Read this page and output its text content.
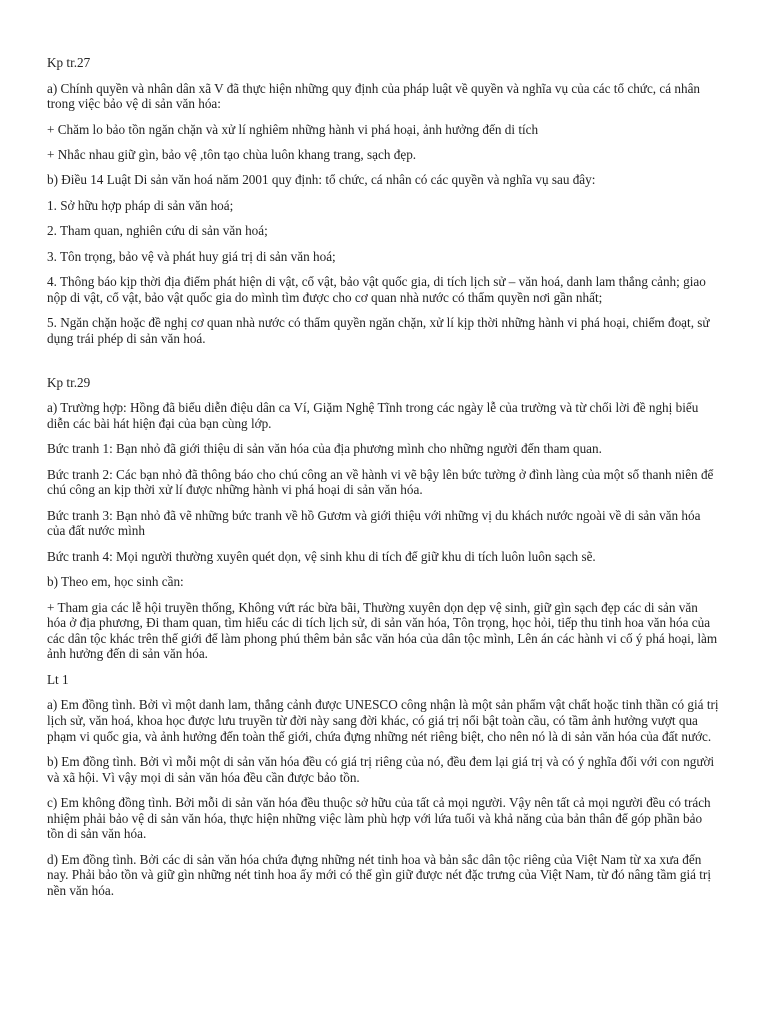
Kp tr.27

a) Chính quyền và nhân dân xã V đã thực hiện những quy định của pháp luật về quyền và nghĩa vụ của các tổ chức, cá nhân trong việc bảo vệ di sản văn hóa:

+ Chăm lo bảo tồn ngăn chặn và xử lí nghiêm những hành vi phá hoại, ảnh hưởng đến di tích

+ Nhắc nhau giữ gìn, bảo vệ ,tôn tạo chùa luôn khang trang, sạch đẹp.

b) Điều 14 Luật Di sản văn hoá năm 2001 quy định: tổ chức, cá nhân có các quyền và nghĩa vụ sau đây:

1. Sở hữu hợp pháp di sản văn hoá;

2. Tham quan, nghiên cứu di sản văn hoá;

3. Tôn trọng, bảo vệ và phát huy giá trị di sản văn hoá;

4. Thông báo kịp thời địa điểm phát hiện di vật, cổ vật, bảo vật quốc gia, di tích lịch sử – văn hoá, danh lam thắng cảnh; giao nộp di vật, cổ vật, bảo vật quốc gia do mình tìm được cho cơ quan nhà nước có thẩm quyền nơi gần nhất;

5. Ngăn chặn hoặc đề nghị cơ quan nhà nước có thẩm quyền ngăn chặn, xử lí kịp thời những hành vi phá hoại, chiếm đoạt, sử dụng trái phép di sản văn hoá.

Kp tr.29

a) Trường hợp: Hồng đã biểu diễn điệu dân ca Ví, Giặm Nghệ Tĩnh trong các ngày lễ của trường và từ chối lời đề nghị biểu diễn các bài hát hiện đại của bạn cùng lớp.

Bức tranh 1: Bạn nhỏ đã giới thiệu di sản văn hóa của địa phương mình cho những người đến tham quan.

Bức tranh 2: Các bạn nhỏ đã thông báo cho chú công an về hành vi vẽ bậy lên bức tường ở đình làng của một số thanh niên để chú công an kịp thời xử lí được những hành vi phá hoại di sản văn hóa.

Bức tranh 3: Bạn nhỏ đã vẽ những bức tranh về hồ Gươm và giới thiệu với những vị du khách nước ngoài về di sản văn hóa của đất nước mình

Bức tranh 4: Mọi người thường xuyên quét dọn, vệ sinh khu di tích để giữ khu di tích luôn luôn sạch sẽ.

b) Theo em, học sinh cần:

+ Tham gia các lễ hội truyền thống, Không vứt rác bừa bãi, Thường xuyên dọn dẹp vệ sinh, giữ gìn sạch đẹp các di sản văn hóa ở địa phương, Đi tham quan, tìm hiểu các di tích lịch sử, di sản văn hóa, Tôn trọng, học hỏi, tiếp thu tinh hoa văn hóa của các dân tộc khác trên thế giới để làm phong phú thêm bản sắc văn hóa của dân tộc mình, Lên án các hành vi cố ý phá hoại, làm ảnh hưởng đến di sản văn hóa.

Lt 1

a) Em đồng tình. Bởi vì một danh lam, thắng cảnh được UNESCO công nhận là một sản phẩm vật chất hoặc tinh thần có giá trị lịch sử, văn hoá, khoa học được lưu truyền từ đời này sang đời khác, có giá trị nổi bật toàn cầu, có tầm ảnh hưởng vượt qua phạm vi quốc gia, và ảnh hưởng đến toàn thế giới, chứa đựng những nét riêng biệt, cho nên nó là di sản văn hóa của đất nước.

b) Em đồng tình. Bởi vì mỗi một di sản văn hóa đều có giá trị riêng của nó, đều đem lại giá trị và có ý nghĩa đối với con người và xã hội. Vì vậy mọi di sản văn hóa đều cần được bảo tồn.

c) Em không đồng tình. Bởi mỗi di sản văn hóa đều thuộc sở hữu của tất cả mọi người. Vậy nên tất cả mọi người đều có trách nhiệm phải bảo vệ di sản văn hóa, thực hiện những việc làm phù hợp với lứa tuổi và khả năng của bản thân để góp phần bảo tồn di sản văn hóa.

d) Em đồng tình. Bởi các di sản văn hóa chứa đựng những nét tinh hoa và bản sắc dân tộc riêng của Việt Nam từ xa xưa đến nay. Phải bảo tồn và giữ gìn những nét tinh hoa ấy mới có thể gìn giữ được nét đặc trưng của Việt Nam, từ đó nâng tầm giá trị nền văn hóa.
